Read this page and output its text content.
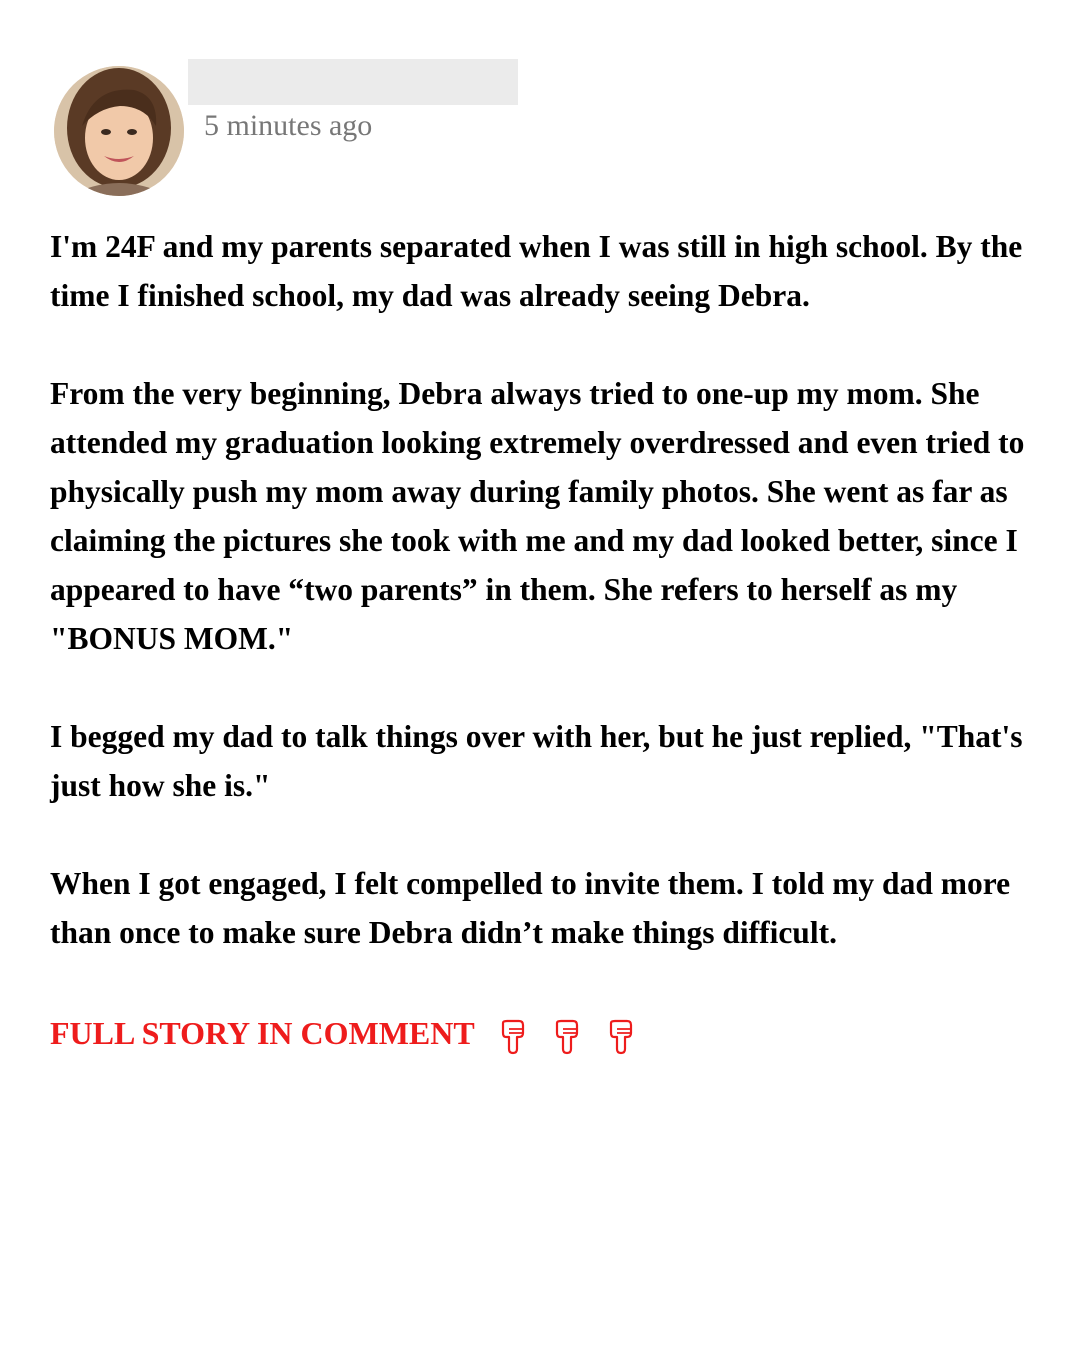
5 minutes ago

I'm 24F and my parents separated when I was still in high school. By the time I finished school, my dad was already seeing Debra.

From the very beginning, Debra always tried to one-up my mom. She attended my graduation looking extremely overdressed and even tried to physically push my mom away during family photos. She went as far as claiming the pictures she took with me and my dad looked better, since I appeared to have “two parents” in them. She refers to herself as my "BONUS MOM."

I begged my dad to talk things over with her, but he just replied, "That's just how she is."

When I got engaged, I felt compelled to invite them. I told my dad more than once to make sure Debra didn’t make things difficult.

FULL STORY IN COMMENT
